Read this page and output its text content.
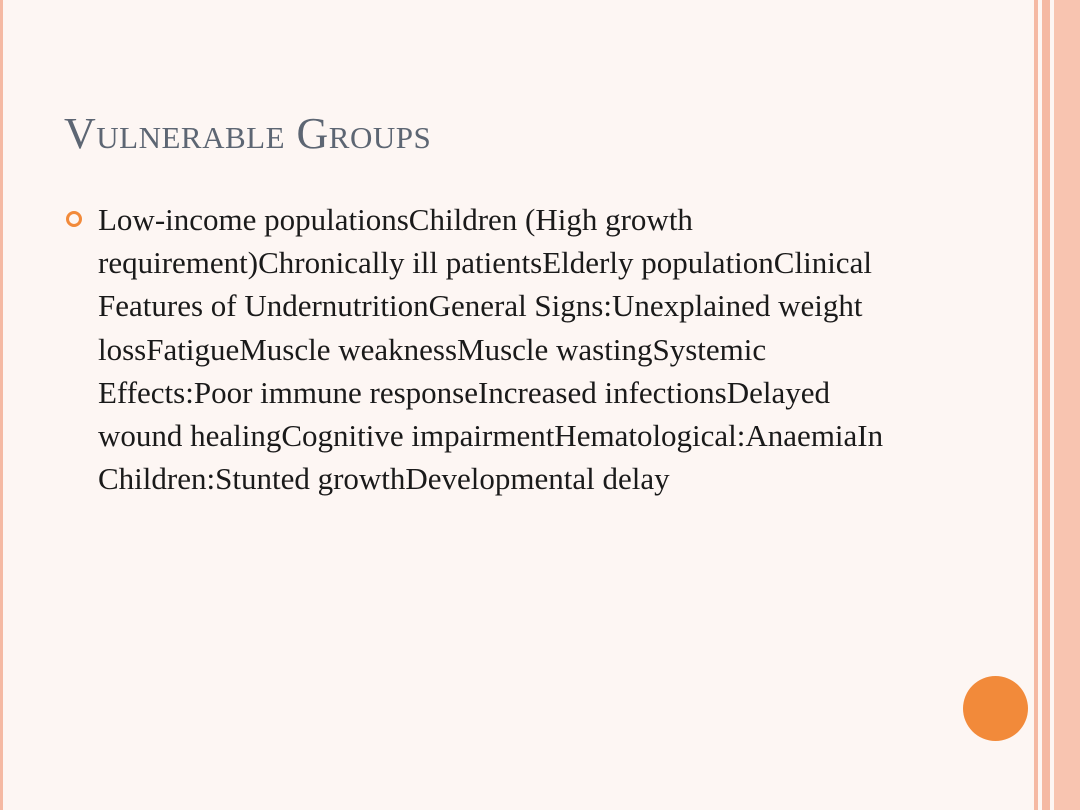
Vulnerable Groups
Low-income populationsChildren (High growth requirement)Chronically ill patientsElderly populationClinical Features of UndernutritionGeneral Signs:Unexplained weight lossFatigueMuscle weaknessMuscle wastingSystemic Effects:Poor immune responseIncreased infectionsDelayed wound healingCognitive impairmentHematological:AnaemiaIn Children:Stunted growthDevelopmental delay
